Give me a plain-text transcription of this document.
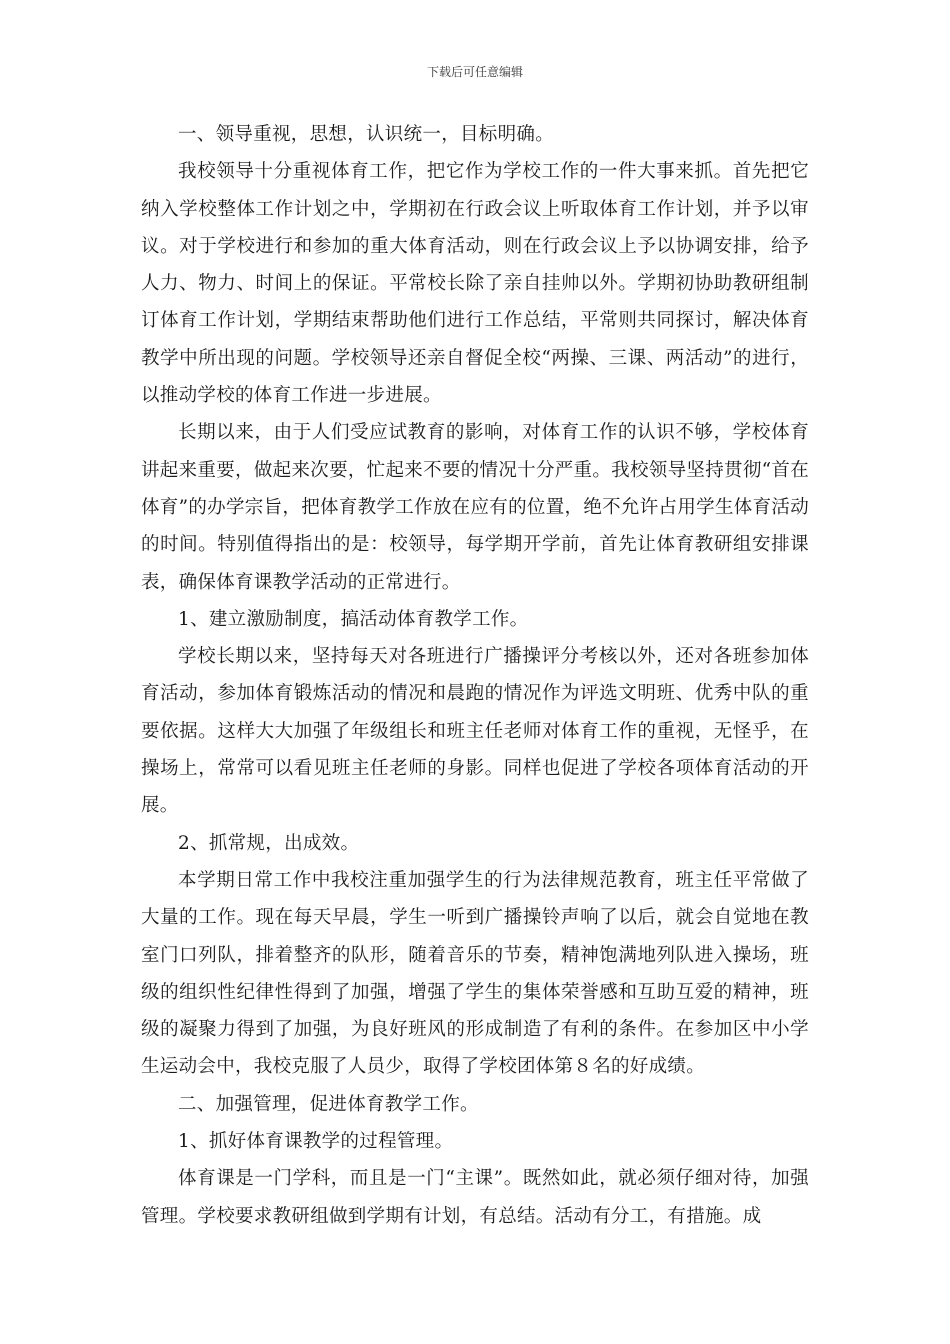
下载后可任意编辑

一、领导重视，思想，认识统一，目标明确。

我校领导十分重视体育工作，把它作为学校工作的一件大事来抓。首先把它纳入学校整体工作计划之中，学期初在行政会议上听取体育工作计划，并予以审议。对于学校进行和参加的重大体育活动，则在行政会议上予以协调安排，给予人力、物力、时间上的保证。平常校长除了亲自挂帅以外。学期初协助教研组制订体育工作计划，学期结束帮助他们进行工作总结，平常则共同探讨，解决体育教学中所出现的问题。学校领导还亲自督促全校“两操、三课、两活动”的进行，以推动学校的体育工作进一步进展。

长期以来，由于人们受应试教育的影响，对体育工作的认识不够，学校体育讲起来重要，做起来次要，忙起来不要的情况十分严重。我校领导坚持贯彻“首在体育”的办学宗旨，把体育教学工作放在应有的位置，绝不允许占用学生体育活动的时间。特别值得指出的是：校领导，每学期开学前，首先让体育教研组安排课表，确保体育课教学活动的正常进行。

1、建立激励制度，搞活动体育教学工作。

学校长期以来，坚持每天对各班进行广播操评分考核以外，还对各班参加体育活动，参加体育锻炼活动的情况和晨跑的情况作为评选文明班、优秀中队的重要依据。这样大大加强了年级组长和班主任老师对体育工作的重视，无怪乎，在操场上，常常可以看见班主任老师的身影。同样也促进了学校各项体育活动的开展。

2、抓常规，出成效。

本学期日常工作中我校注重加强学生的行为法律规范教育，班主任平常做了大量的工作。现在每天早晨，学生一听到广播操铃声响了以后，就会自觉地在教室门口列队，排着整齐的队形，随着音乐的节奏，精神饱满地列队进入操场，班级的组织性纪律性得到了加强，增强了学生的集体荣誉感和互助互爱的精神，班级的凝聚力得到了加强，为良好班风的形成制造了有利的条件。在参加区中小学生运动会中，我校克服了人员少，取得了学校团体第８名的好成绩。

二、加强管理，促进体育教学工作。

1、抓好体育课教学的过程管理。

体育课是一门学科，而且是一门“主课”。既然如此，就必须仔细对待，加强管理。学校要求教研组做到学期有计划，有总结。活动有分工，有措施。成
